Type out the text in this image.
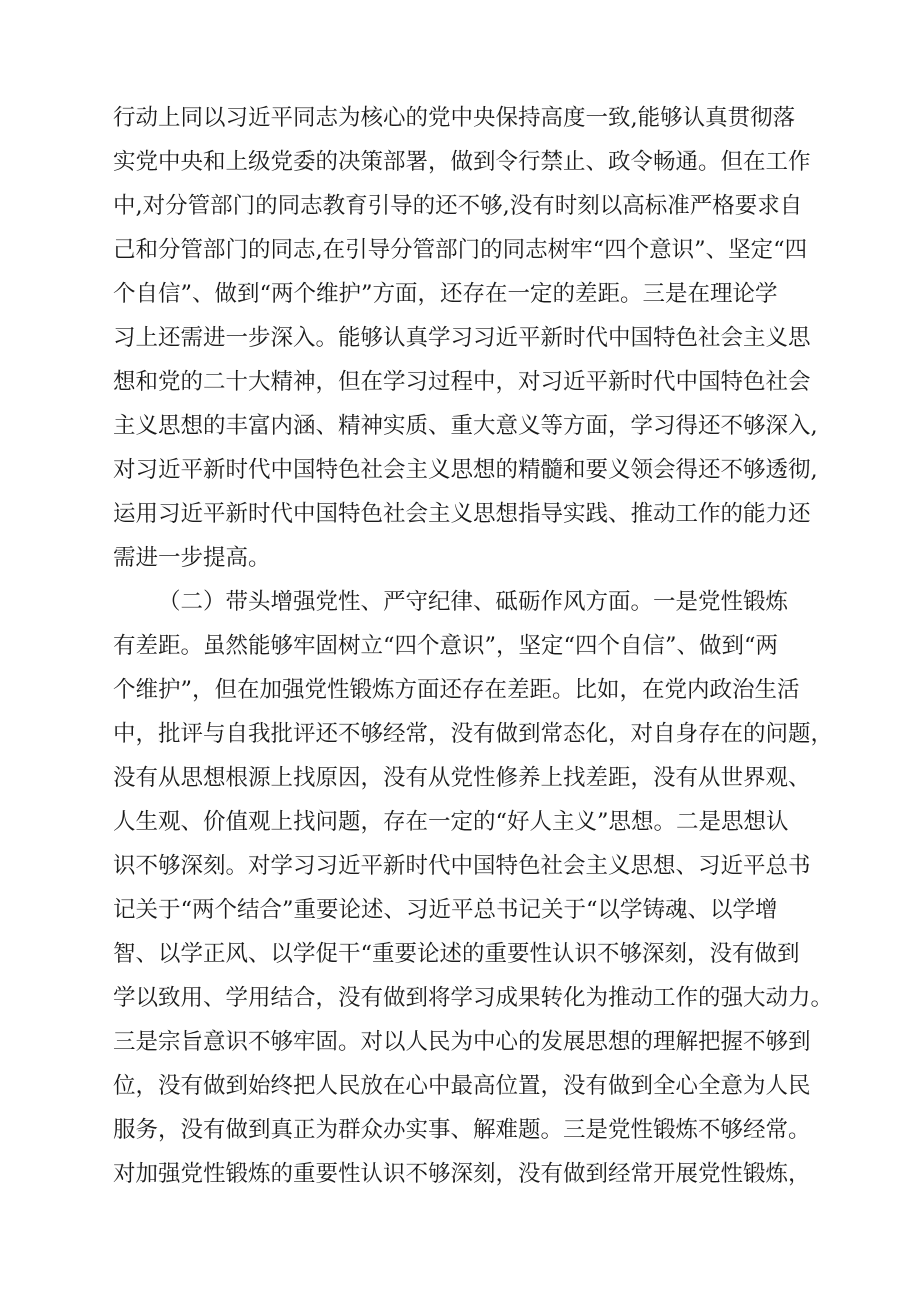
行动上同以习近平同志为核心的党中央保持高度一致,能够认真贯彻落
实党中央和上级党委的决策部署，做到令行禁止、政令畅通。但在工作
中,对分管部门的同志教育引导的还不够,没有时刻以高标准严格要求自
己和分管部门的同志,在引导分管部门的同志树牢“四个意识”、坚定“四
个自信”、做到“两个维护”方面，还存在一定的差距。三是在理论学
习上还需进一步深入。能够认真学习习近平新时代中国特色社会主义思
想和党的二十大精神，但在学习过程中，对习近平新时代中国特色社会
主义思想的丰富内涵、精神实质、重大意义等方面，学习得还不够深入,
对习近平新时代中国特色社会主义思想的精髓和要义领会得还不够透彻,
运用习近平新时代中国特色社会主义思想指导实践、推动工作的能力还
需进一步提高。
（二）带头增强党性、严守纪律、砥砺作风方面。一是党性锻炼
有差距。虽然能够牢固树立“四个意识”，坚定“四个自信”、做到“两
个维护”，但在加强党性锻炼方面还存在差距。比如，在党内政治生活
中，批评与自我批评还不够经常，没有做到常态化，对自身存在的问题，
没有从思想根源上找原因，没有从党性修养上找差距，没有从世界观、
人生观、价值观上找问题，存在一定的“好人主义”思想。二是思想认
识不够深刻。对学习习近平新时代中国特色社会主义思想、习近平总书
记关于“两个结合”重要论述、习近平总书记关于“以学铸魂、以学增
智、以学正风、以学促干“重要论述的重要性认识不够深刻，没有做到
学以致用、学用结合，没有做到将学习成果转化为推动工作的强大动力。
三是宗旨意识不够牢固。对以人民为中心的发展思想的理解把握不够到
位，没有做到始终把人民放在心中最高位置，没有做到全心全意为人民
服务，没有做到真正为群众办实事、解难题。三是党性锻炼不够经常。
对加强党性锻炼的重要性认识不够深刻，没有做到经常开展党性锻炼，
